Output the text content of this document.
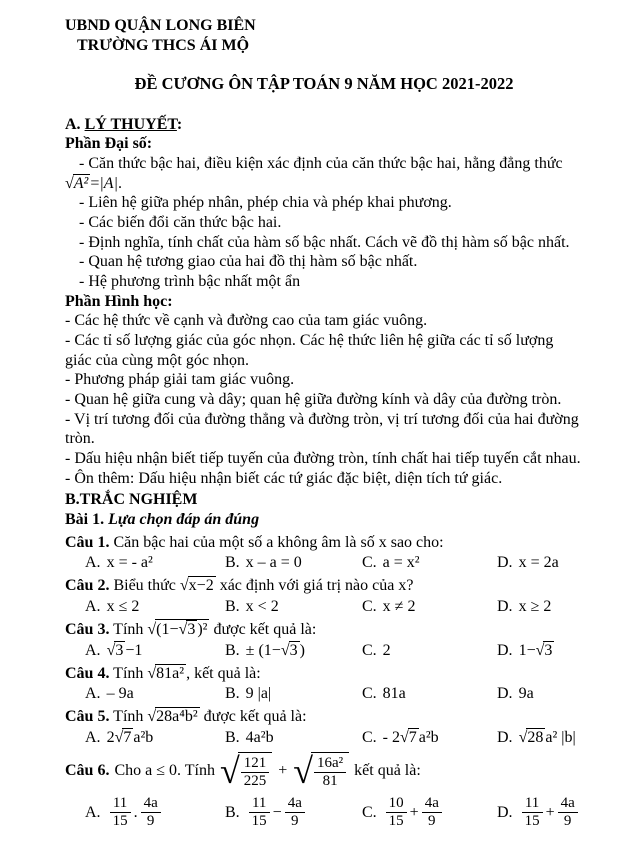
UBND QUẬN LONG BIÊN
TRƯỜNG THCS ÁI MỘ
ĐỀ CƯƠNG ÔN TẬP TOÁN 9 NĂM HỌC 2021-2022
A. LÝ THUYẾT:
Phần Đại số:
- Căn thức bậc hai, điều kiện xác định của căn thức bậc hai, hằng đẳng thức
√ A² =|A|.
- Liên hệ giữa phép nhân, phép chia và phép khai phương.
- Các biến đổi căn thức bậc hai.
- Định nghĩa, tính chất của hàm số bậc nhất. Cách vẽ đồ thị hàm số bậc nhất.
- Quan hệ tương giao của hai đồ thị hàm số bậc nhất.
- Hệ phương trình bậc nhất một ẩn
Phần Hình học:
- Các hệ thức về cạnh và đường cao của tam giác vuông.
- Các tỉ số lượng giác của góc nhọn. Các hệ thức liên hệ giữa các tỉ số lượng giác của cùng một góc nhọn.
- Phương pháp giải tam giác vuông.
- Quan hệ giữa cung và dây; quan hệ giữa đường kính và dây của đường tròn.
- Vị trí tương đối của đường thẳng và đường tròn, vị trí tương đối của hai đường tròn.
- Dấu hiệu nhận biết tiếp tuyến của đường tròn, tính chất hai tiếp tuyến cắt nhau.
- Ôn thêm: Dấu hiệu nhận biết các tứ giác đặc biệt, diện tích tứ giác.
B.TRẮC NGHIỆM
Bài 1. Lựa chọn đáp án đúng
Câu 1. Căn bậc hai của một số a không âm là số x sao cho:
A. x = - a²	B. x – a = 0	C. a = x²	D. x = 2a
Câu 2. Biểu thức √ x−2 xác định với giá trị nào của x?
A. x ≤ 2	B. x < 2	C. x ≠ 2	D. x ≥ 2
Câu 3. Tính √ (1− √ 3 )² được kết quả là:
A. √ 3 −1	B. ± (1− √ 3 )	C. 2	D. 1− √ 3
Câu 4. Tính √ 81a² , kết quả là:
A. – 9a	B. 9 |a|	C. 81a	D. 9a
Câu 5. Tính √ 28a⁴b² được kết quả là:
A. 2 √ 7 a²b	B. 4a²b	C. - 2 √ 7 a²b	D. √ 28 a² |b|
Câu 6. Cho a ≤ 0. Tính √ $\frac{121}{225}$ + √ $\frac{\text{16a²}}{81}$ kết quả là:
A. $\frac{11}{15}$ . $\frac{4a}{9}$	B. $\frac{11}{15} - \frac{4a}{9}$	C. $\frac{10}{15} + \frac{4a}{9}$	D. $\frac{11}{15} + \frac{4a}{9}$
